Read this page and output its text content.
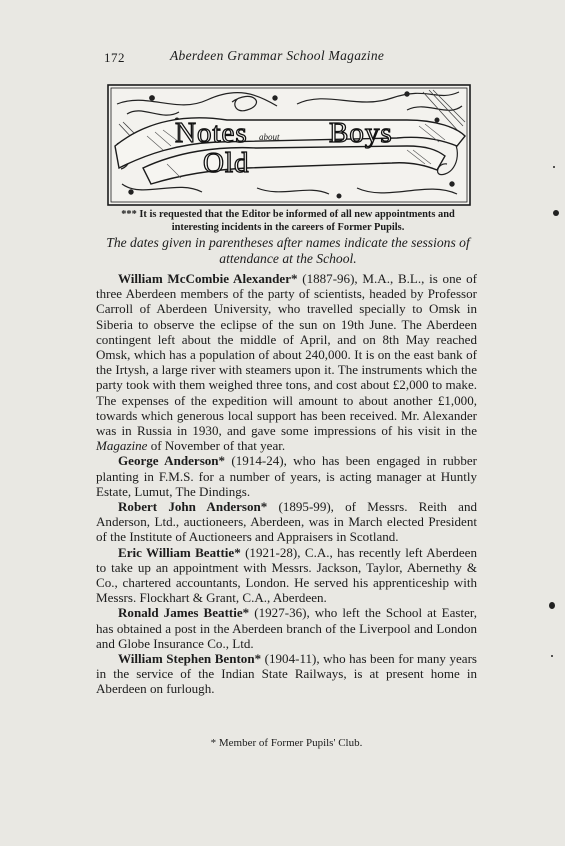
172	Aberdeen Grammar School Magazine
Notes about Boys
Old
*** It is requested that the Editor be informed of all new appointments and interesting incidents in the careers of Former Pupils.
The dates given in parentheses after names indicate the sessions of attendance at the School.

William McCombie Alexander* (1887-96), M.A., B.L., is one of three Aberdeen members of the party of scientists, headed by Professor Carroll of Aberdeen University, who travelled specially to Omsk in Siberia to observe the eclipse of the sun on 19th June. The Aberdeen contingent left about the middle of April, and on 8th May reached Omsk, which has a population of about 240,000. It is on the east bank of the Irtysh, a large river with steamers upon it. The instruments which the party took with them weighed three tons, and cost about £2,000 to make. The expenses of the expedition will amount to about another £1,000, towards which generous local support has been received. Mr. Alexander was in Russia in 1930, and gave some impressions of his visit in the Magazine of November of that year.

George Anderson* (1914-24), who has been engaged in rubber planting in F.M.S. for a number of years, is acting manager at Huntly Estate, Lumut, The Dindings.

Robert John Anderson* (1895-99), of Messrs. Reith and Anderson, Ltd., auctioneers, Aberdeen, was in March elected President of the Institute of Auctioneers and Appraisers in Scotland.

Eric William Beattie* (1921-28), C.A., has recently left Aberdeen to take up an appointment with Messrs. Jackson, Taylor, Abernethy & Co., chartered accountants, London. He served his apprenticeship with Messrs. Flockhart & Grant, C.A., Aberdeen.

Ronald James Beattie* (1927-36), who left the School at Easter, has obtained a post in the Aberdeen branch of the Liverpool and London and Globe Insurance Co., Ltd.

William Stephen Benton* (1904-11), who has been for many years in the service of the Indian State Railways, is at present home in Aberdeen on furlough.

* Member of Former Pupils' Club.
